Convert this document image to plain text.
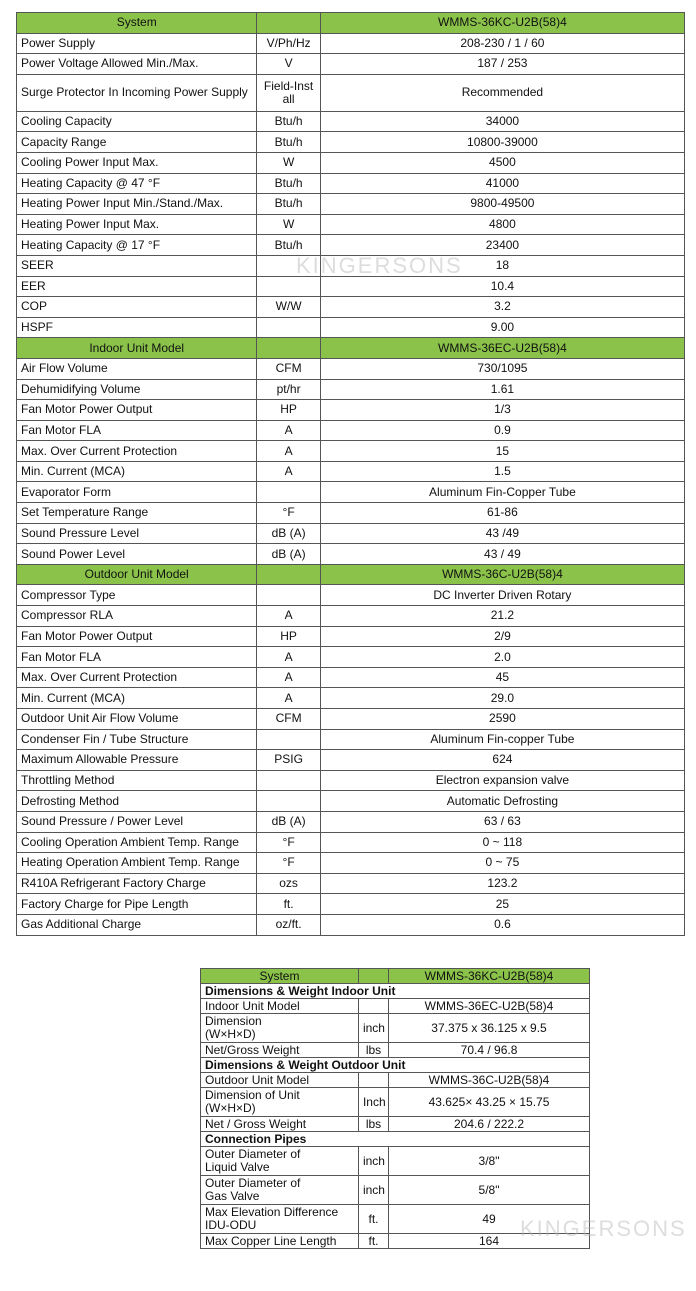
System		WMMS-36KC-U2B(58)4
Power Supply	V/Ph/Hz	208-230 / 1 / 60
Power Voltage Allowed Min./Max.	V	187 / 253
Surge Protector In Incoming Power Supply	Field-Install	Recommended
Cooling Capacity	Btu/h	34000
Capacity Range	Btu/h	10800-39000
Cooling Power Input Max.	W	4500
Heating Capacity @ 47 °F	Btu/h	41000
Heating Power Input Min./Stand./Max.	Btu/h	9800-49500
Heating Power Input Max.	W	4800
Heating Capacity @ 17 °F	Btu/h	23400
SEER		18
EER		10.4
COP	W/W	3.2
HSPF		9.00
Indoor Unit Model		WMMS-36EC-U2B(58)4
Air Flow Volume	CFM	730/1095
Dehumidifying Volume	pt/hr	1.61
Fan Motor Power Output	HP	1/3
Fan Motor FLA	A	0.9
Max. Over Current Protection	A	15
Min. Current (MCA)	A	1.5
Evaporator Form		Aluminum Fin-Copper Tube
Set Temperature Range	°F	61-86
Sound Pressure Level	dB (A)	43 /49
Sound Power Level	dB (A)	43 / 49
Outdoor Unit Model		WMMS-36C-U2B(58)4
Compressor Type		DC Inverter Driven Rotary
Compressor RLA	A	21.2
Fan Motor Power Output	HP	2/9
Fan Motor FLA	A	2.0
Max. Over Current Protection	A	45
Min. Current (MCA)	A	29.0
Outdoor Unit Air Flow Volume	CFM	2590
Condenser Fin / Tube Structure		Aluminum Fin-copper Tube
Maximum Allowable Pressure	PSIG	624
Throttling Method		Electron expansion valve
Defrosting Method		Automatic Defrosting
Sound Pressure / Power Level	dB (A)	63 / 63
Cooling Operation Ambient Temp. Range	°F	0 ~ 118
Heating Operation Ambient Temp. Range	°F	0 ~ 75
R410A Refrigerant Factory Charge	ozs	123.2
Factory Charge for Pipe Length	ft.	25
Gas Additional Charge	oz/ft.	0.6
System		WMMS-36KC-U2B(58)4
Dimensions & Weight Indoor Unit		
Indoor Unit Model		WMMS-36EC-U2B(58)4
Dimension
(W×H×D)	inch	37.375 x 36.125 x 9.5
Net/Gross Weight	lbs	70.4 / 96.8
Dimensions & Weight Outdoor Unit		
Outdoor Unit Model		WMMS-36C-U2B(58)4
Dimension of Unit
(W×H×D)	Inch	43.625× 43.25 × 15.75
Net / Gross Weight	lbs	204.6 / 222.2
Connection Pipes		
Outer Diameter of
Liquid Valve	inch	3/8"
Outer Diameter of
Gas Valve	inch	5/8"
Max Elevation Difference
IDU-ODU	ft.	49
Max Copper Line Length	ft.	164
KINGERSONS
KINGERSONS
